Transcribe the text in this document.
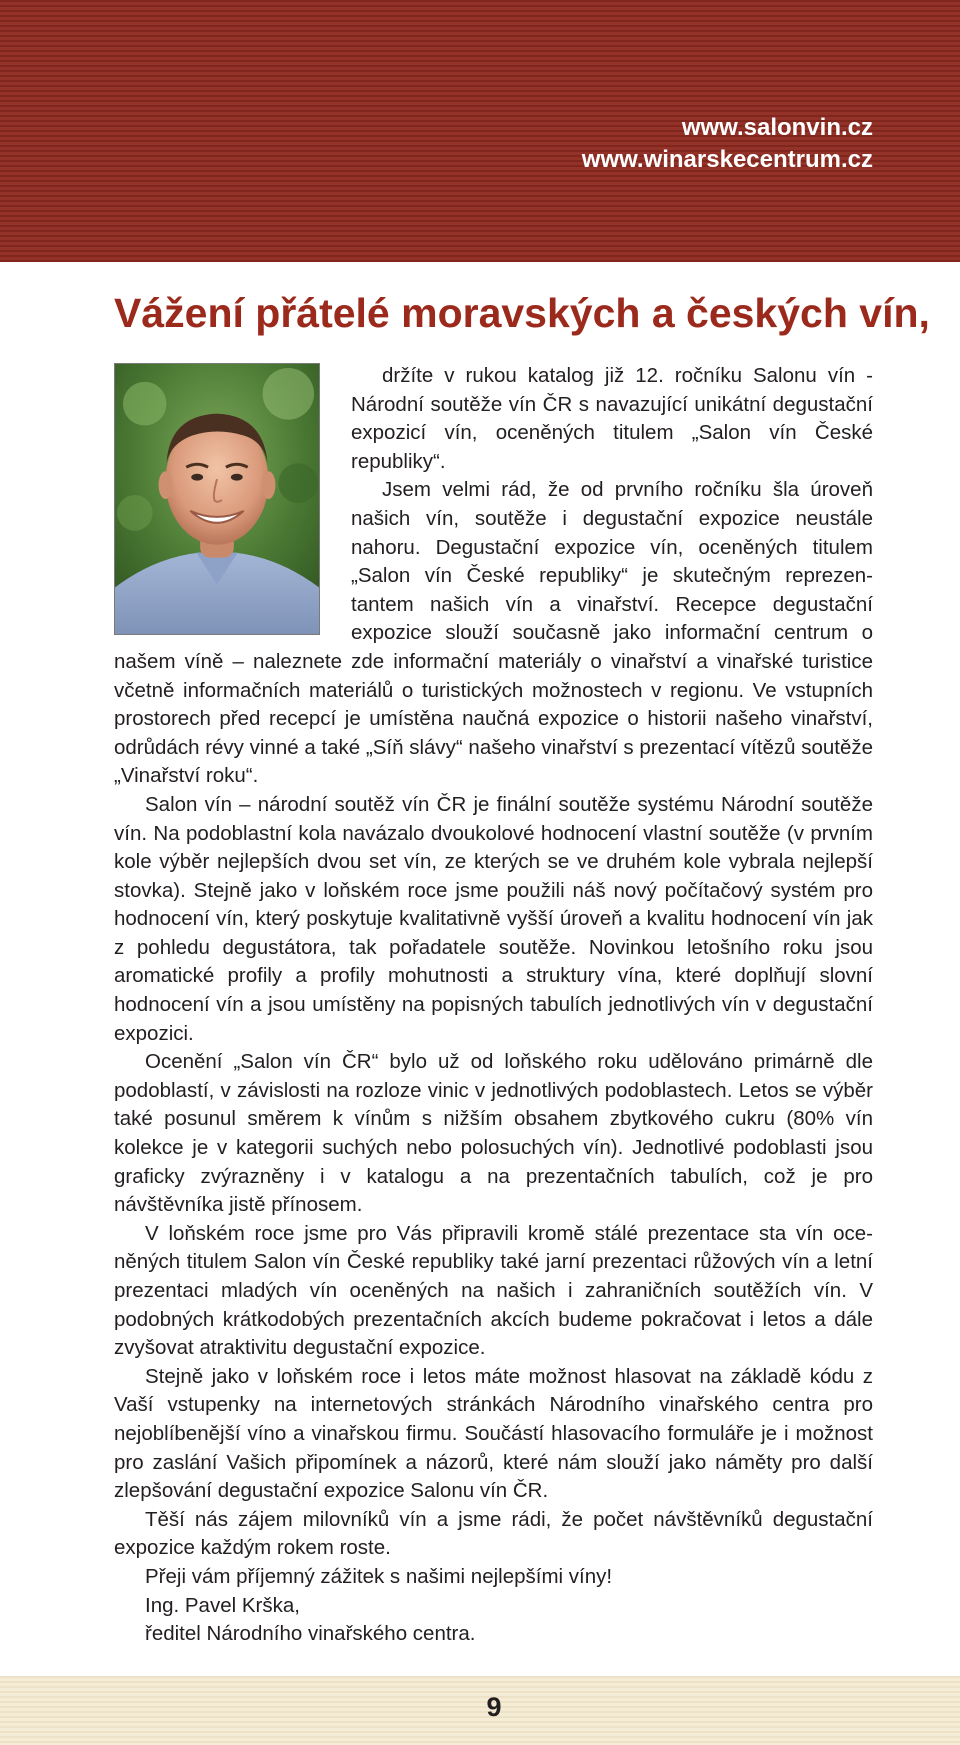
www.salonvin.cz
www.winarskecentrum.cz
Vážení přátelé moravských a českých vín,

držíte v rukou katalog již 12. ročníku Salonu vín - Národní soutěže vín ČR s navazující unikátní degustační expozicí vín, oceněných titulem „Salon vín České republiky“.

Jsem velmi rád, že od prvního ročníku šla úroveň našich vín, soutěže i degustační expozice neustále nahoru. Degustační expozice vín, oceněných titulem „Salon vín České republiky“ je skutečným reprezentantem našich vín a vinařství. Recepce degustační expozice slouží současně jako informační centrum o našem víně – naleznete zde informační materiály o vinařství a vinařské turistice včetně informačních materiálů o turistických možnostech v regionu. Ve vstupních prostorech před recepcí je umístěna naučná expozice o historii našeho vinařství, odrůdách révy vinné a také „Síň slávy“ našeho vinařství s prezentací vítězů soutěže „Vinařství roku“.

Salon vín – národní soutěž vín ČR je finální soutěže systému Národní soutěže vín. Na podoblastní kola navázalo dvoukolové hodnocení vlastní soutěže (v prvním kole výběr nejlepších dvou set vín, ze kterých se ve druhém kole vybrala nejlepší stovka). Stejně jako v loňském roce jsme použili náš nový počítačový systém pro hodnocení vín, který poskytuje kvalitativně vyšší úroveň a kvalitu hodnocení vín jak z pohledu degustátora, tak pořadatele soutěže. Novinkou letošního roku jsou aromatické profily a profily mohutnosti a struktury vína, které doplňují slovní hodnocení vín a jsou umístěny na popisných tabulích jednotlivých vín v degustační expozici.

Ocenění „Salon vín ČR“ bylo už od loňského roku udělováno primárně dle podoblastí, v závislosti na rozloze vinic v jednotlivých podoblastech. Letos se výběr také posunul směrem k vínům s nižším obsahem zbytkového cukru (80% vín kolekce je v kategorii suchých nebo polosuchých vín). Jednotlivé podoblasti jsou graficky zvýrazněny i v katalogu a na prezentačních tabulích, což je pro návštěvníka jistě přínosem.

V loňském roce jsme pro Vás připravili kromě stálé prezentace sta vín oceněných titulem Salon vín České republiky také jarní prezentaci růžových vín a letní prezentaci mladých vín oceněných na našich i zahraničních soutěžích vín. V podobných krátkodobých prezentačních akcích budeme pokračovat i letos a dále zvyšovat atraktivitu degustační expozice.

Stejně jako v loňském roce i letos máte možnost hlasovat na základě kódu z Vaší vstupenky na internetových stránkách Národního vinařského centra pro nejoblíbenější víno a vinařskou firmu. Součástí hlasovacího formuláře je i možnost pro zaslání Vašich připomínek a názorů, které nám slouží jako náměty pro další zlepšování degustační expozice Salonu vín ČR.

Těší nás zájem milovníků vín a jsme rádi, že počet návštěvníků degustační expozice každým rokem roste.

Přeji vám příjemný zážitek s našimi nejlepšími víny!

Ing. Pavel Krška,
ředitel Národního vinařského centra.

9
